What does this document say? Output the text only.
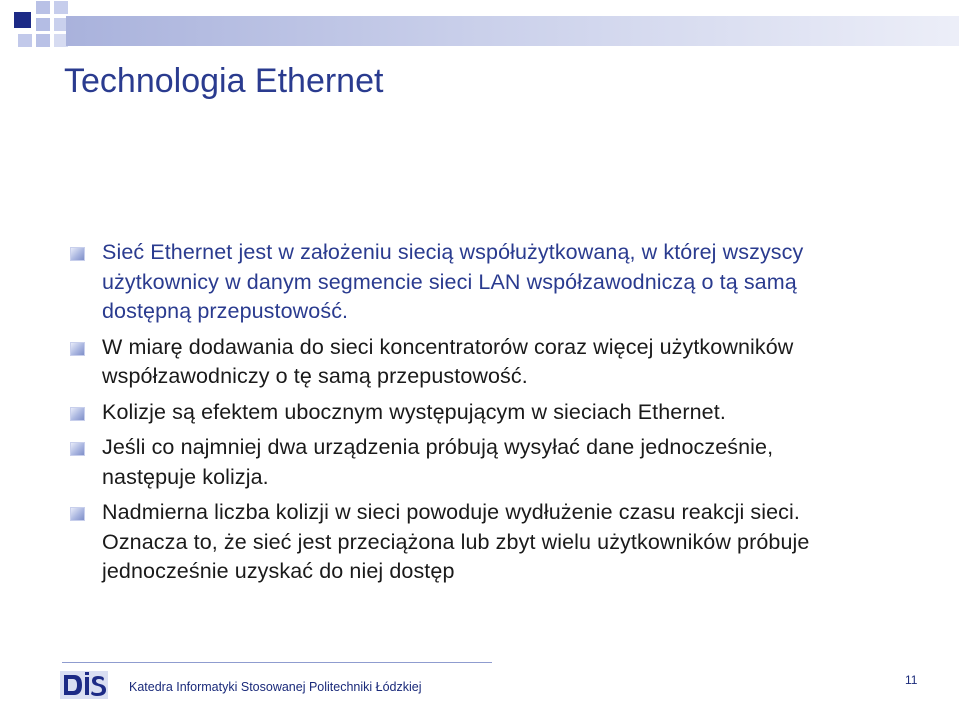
Technologia Ethernet
Sieć Ethernet jest w założeniu siecią współużytkowaną, w której wszyscy
użytkownicy w danym segmencie sieci LAN współzawodniczą o tą samą
dostępną przepustowość.
W miarę dodawania do sieci koncentratorów coraz więcej użytkowników
współzawodniczy o tę samą przepustowość.
Kolizje są efektem ubocznym występującym w sieciach Ethernet.
Jeśli co najmniej dwa urządzenia próbują wysyłać dane jednocześnie,
następuje kolizja.
Nadmierna liczba kolizji w sieci powoduje wydłużenie czasu reakcji sieci.
Oznacza to, że sieć jest przeciążona lub zbyt wielu użytkowników próbuje
jednocześnie uzyskać do niej dostęp
Katedra Informatyki Stosowanej Politechniki Łódzkiej	11
